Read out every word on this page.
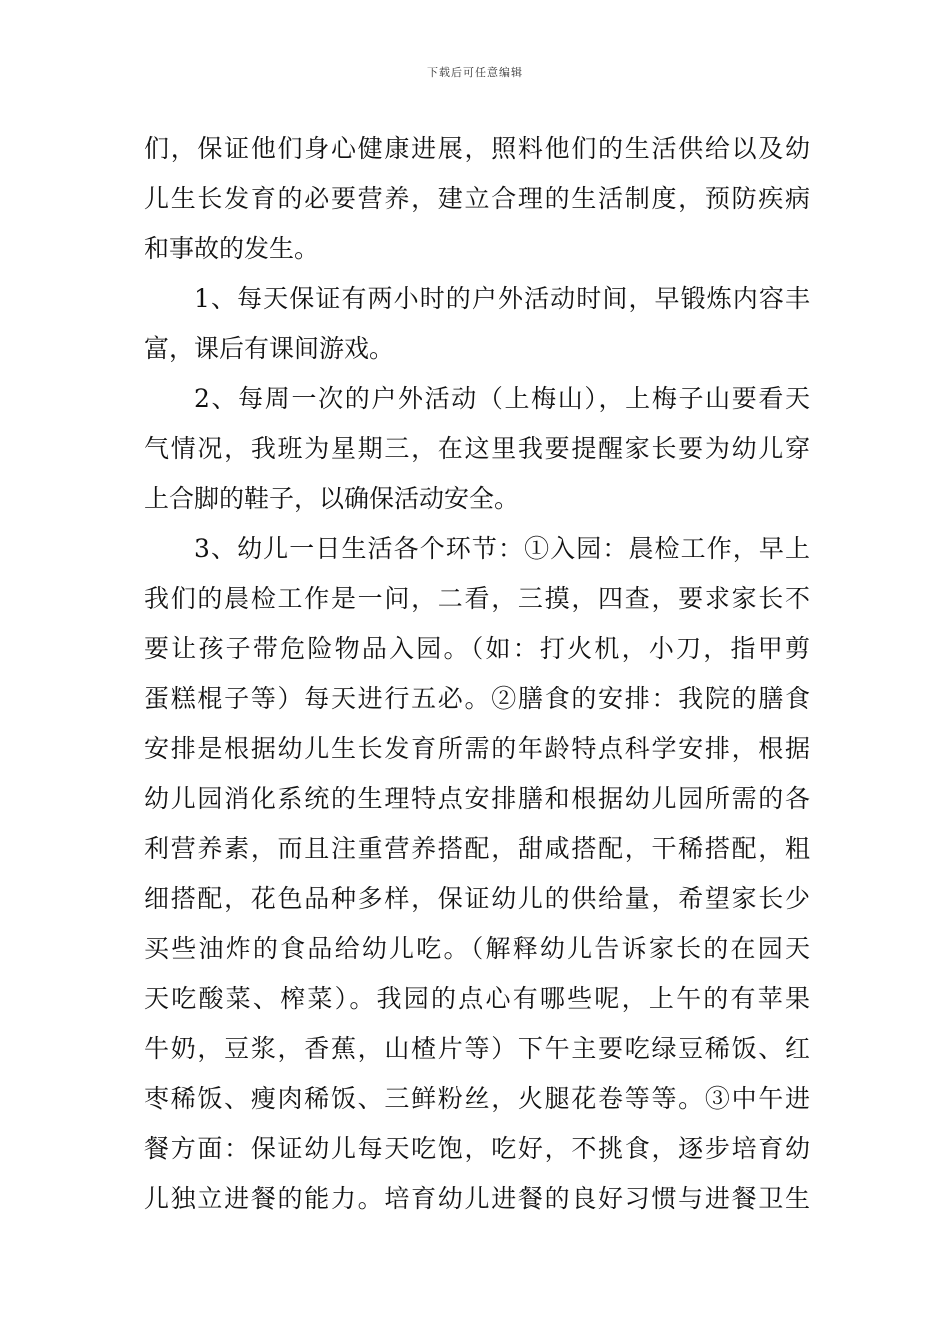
下载后可任意编辑
们，保证他们身心健康进展，照料他们的生活供给以及幼
儿生长发育的必要营养，建立合理的生活制度，预防疾病
和事故的发生。
1、每天保证有两小时的户外活动时间，早锻炼内容丰
富，课后有课间游戏。
2、每周一次的户外活动（上梅山），上梅子山要看天
气情况，我班为星期三，在这里我要提醒家长要为幼儿穿
上合脚的鞋子，以确保活动安全。
3、幼儿一日生活各个环节：①入园：晨检工作，早上
我们的晨检工作是一问，二看，三摸，四查，要求家长不
要让孩子带危险物品入园。（如：打火机，小刀，指甲剪
蛋糕棍子等）每天进行五必。②膳食的安排：我院的膳食
安排是根据幼儿生长发育所需的年龄特点科学安排，根据
幼儿园消化系统的生理特点安排膳和根据幼儿园所需的各
利营养素，而且注重营养搭配，甜咸搭配，干稀搭配，粗
细搭配，花色品种多样，保证幼儿的供给量，希望家长少
买些油炸的食品给幼儿吃。（解释幼儿告诉家长的在园天
天吃酸菜、榨菜）。我园的点心有哪些呢，上午的有苹果
牛奶，豆浆，香蕉，山楂片等）下午主要吃绿豆稀饭、红
枣稀饭、瘦肉稀饭、三鲜粉丝，火腿花卷等等。③中午进
餐方面：保证幼儿每天吃饱，吃好，不挑食，逐步培育幼
儿独立进餐的能力。培育幼儿进餐的良好习惯与进餐卫生
